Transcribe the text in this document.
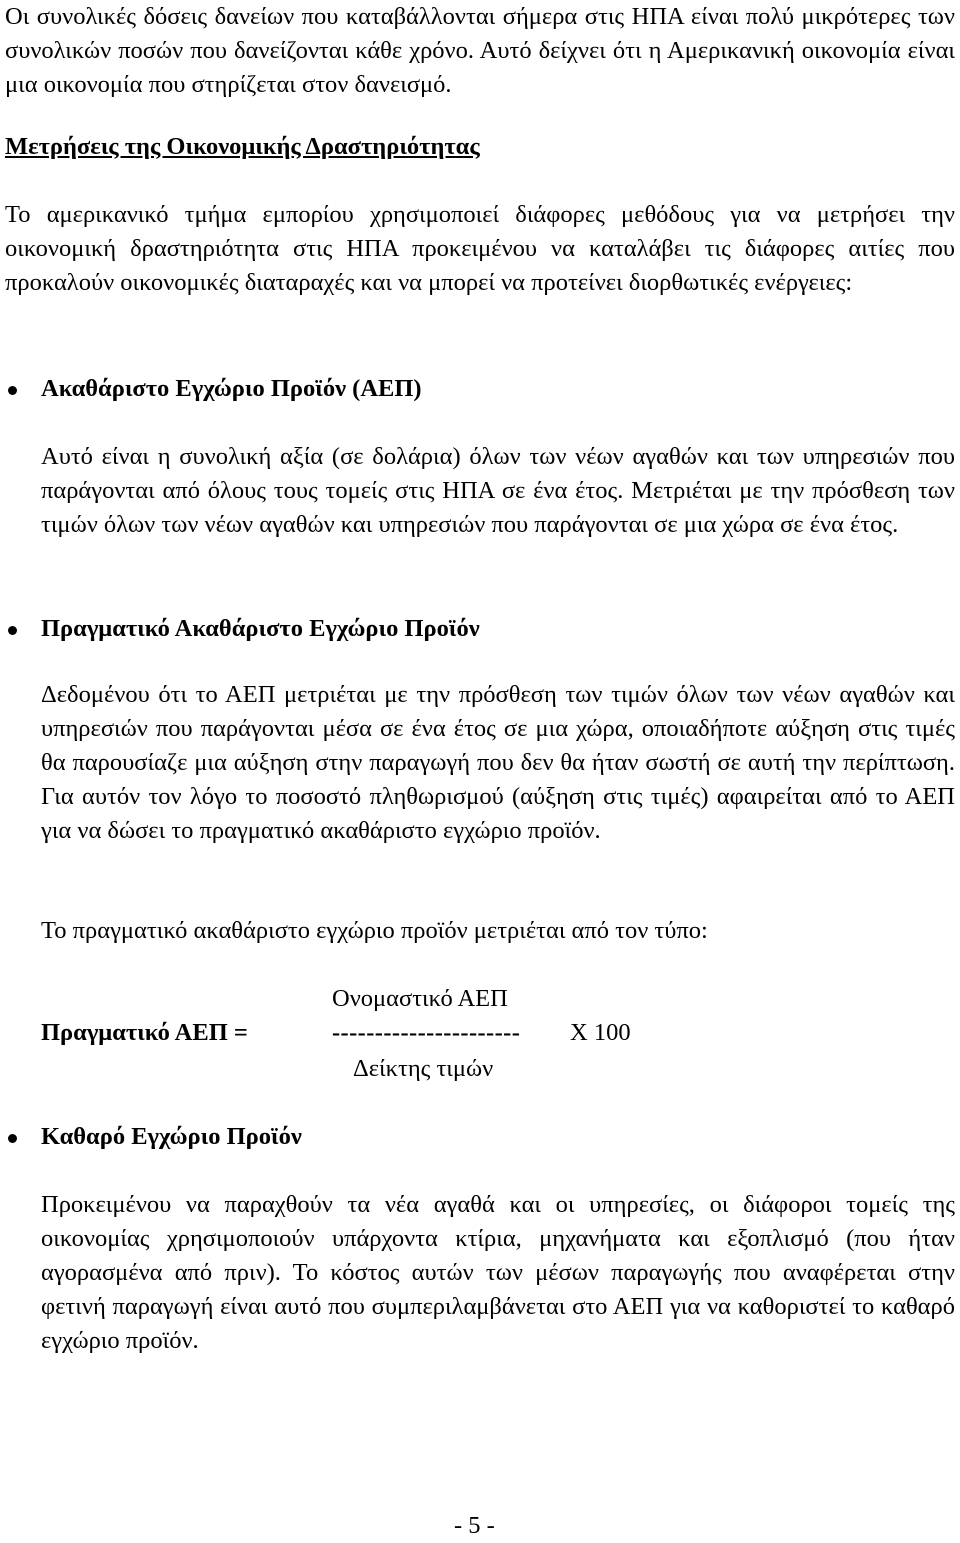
Οι συνολικές δόσεις δανείων που καταβάλλονται σήμερα στις ΗΠΑ είναι πολύ μικρότερες των συνολικών ποσών που δανείζονται κάθε χρόνο. Αυτό δείχνει ότι η Αμερικανική οικονομία είναι μια οικονομία που στηρίζεται στον δανεισμό.

Μετρήσεις της Οικονομικής Δραστηριότητας

Το αμερικανικό τμήμα εμπορίου χρησιμοποιεί διάφορες μεθόδους για να μετρήσει την οικονομική δραστηριότητα στις ΗΠΑ προκειμένου να καταλάβει τις διάφορες αιτίες που προκαλούν οικονομικές διαταραχές και να μπορεί να προτείνει διορθωτικές ενέργειες:

Ακαθάριστο Εγχώριο Προϊόν (ΑΕΠ)

Αυτό είναι η συνολική αξία (σε δολάρια) όλων των νέων αγαθών και των υπηρεσιών που παράγονται από όλους τους τομείς στις ΗΠΑ σε ένα έτος. Μετριέται με την πρόσθεση των τιμών όλων των νέων αγαθών και υπηρεσιών που παράγονται σε μια χώρα σε ένα έτος.

Πραγματικό Ακαθάριστο Εγχώριο Προϊόν

Δεδομένου ότι το ΑΕΠ μετριέται με την πρόσθεση των τιμών όλων των νέων αγαθών και υπηρεσιών που παράγονται μέσα σε ένα έτος σε μια χώρα, οποιαδήποτε αύξηση στις τιμές θα παρουσίαζε μια αύξηση στην παραγωγή που δεν θα ήταν σωστή σε αυτή την περίπτωση. Για αυτόν τον λόγο το ποσοστό πληθωρισμού (αύξηση στις τιμές) αφαιρείται από το ΑΕΠ για να δώσει το πραγματικό ακαθάριστο εγχώριο προϊόν.

Το πραγματικό ακαθάριστο εγχώριο προϊόν μετριέται από τον τύπο:

Ονομαστικό ΑΕΠ
Πραγματικό ΑΕΠ =	---------------------- X 100
Δείκτης τιμών
Καθαρό Εγχώριο Προϊόν

Προκειμένου να παραχθούν τα νέα αγαθά και οι υπηρεσίες, οι διάφοροι τομείς της οικονομίας χρησιμοποιούν υπάρχοντα κτίρια, μηχανήματα και εξοπλισμό (που ήταν αγορασμένα από πριν). Το κόστος αυτών των μέσων παραγωγής που αναφέρεται στην φετινή παραγωγή είναι αυτό που συμπεριλαμβάνεται στο ΑΕΠ για να καθοριστεί το καθαρό εγχώριο προϊόν.

- 5 -
